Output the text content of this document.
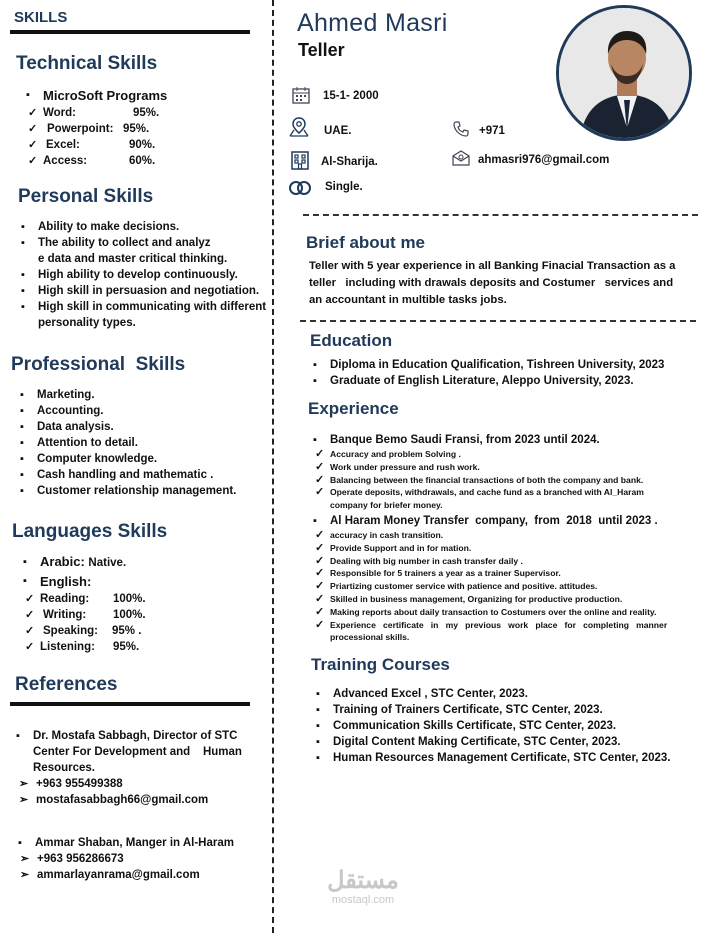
SKILLS
Technical Skills
▪ MicroSoft Programs
Word:	95%.
Powerpoint: 95%.
Excel:	90%.
Access:	60%.
Personal Skills
▪ Ability to make decisions.
▪ The ability to collect and analyz
e data and master critical thinking.
▪ High ability to develop continuously.
▪ High skill in persuasion and negotiation.
▪ High skill in communicating with different
personality types.
Professional  Skills
▪ Marketing.
▪ Accounting.
▪ Data analysis.
▪ Attention to detail.
▪ Computer knowledge.
▪ Cash handling and mathematic .
▪ Customer relationship management.
Languages Skills
Arabic: Native.
English:
Reading: 100%.
Writing: 100%.
Speaking: 95% .
Listening: 95%.
References
▪ Dr. Mostafa Sabbagh, Director of STC
Center For Development and    Human
Resources.
➢ +963 955499388
➢ mostafasabbagh66@gmail.com
▪ Ammar Shaban, Manger in Al-Haram
➢ +963 956286673
➢ ammarlayanrama@gmail.com
Ahmed Masri
Teller
15-1- 2000
UAE.	+971
Al-Sharija.	ahmasri976@gmail.com
Single.
Brief about me
Teller with 5 year experience in all Banking Finacial Transaction as a
teller   including with drawals deposits and Costumer   services and
an accountant in multible tasks jobs.
Education
▪ Diploma in Education Qualification, Tishreen University, 2023
▪ Graduate of English Literature, Aleppo University, 2023.
Experience
▪ Banque Bemo Saudi Fransi, from 2023 until 2024.
✓ Accuracy and problem Solving .
✓ Work under pressure and rush work.
✓ Balancing between the financial transactions of both the company and bank.
✓ Operate deposits, withdrawals, and cache fund as a branched with Al_Haram
company for briefer money.
▪ Al Haram Money Transfer  company,  from  2018  until 2023 .
✓ accuracy in cash transition.
✓ Provide Support and in for mation.
✓ Dealing with big number in cash transfer daily .
✓ Responsible for 5 trainers a year as a trainer Supervisor.
✓ Priartizing customer service with patience and positive. attitudes.
✓ Skilled in business management, Organizing for productive production.
✓ Making reports about daily transaction to Costumers over the online and reality.
✓ Experience   certificate   in   my   previous   work   place   for   completing   manner
processional skills.
Training Courses
▪ Advanced Excel , STC Center, 2023.
▪ Training of Trainers Certificate, STC Center, 2023.
▪ Communication Skills Certificate, STC Center, 2023.
▪ Digital Content Making Certificate, STC Center, 2023.
▪ Human Resources Management Certificate, STC Center, 2023.
مستقل
mostaql.com
